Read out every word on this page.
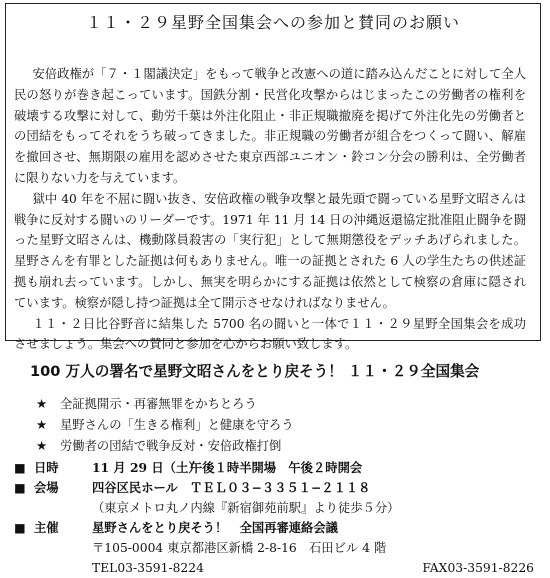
１１・２９星野全国集会への参加と賛同のお願い

安倍政権が「７・１閣議決定」をもって戦争と改憲への道に踏み込んだことに対して全人民の怒りが巻き起こっています。国鉄分割・民営化攻撃からはじまったこの労働者の権利を破壊する攻撃に対して、動労千葉は外注化阻止・非正規職撤廃を掲げて外注化先の労働者との団結をもってそれをうち破ってきました。非正規職の労働者が組合をつくって闘い、解雇を撤回させ、無期限の雇用を認めさせた東京西部ユニオン・鈴コン分会の勝利は、全労働者に限りない力を与えています。

獄中 40 年を不屈に闘い抜き、安倍政権の戦争攻撃と最先頭で闘っている星野文昭さんは戦争に反対する闘いのリーダーです。1971 年 11 月 14 日の沖縄返還協定批准阻止闘争を闘った星野文昭さんは、機動隊員殺害の「実行犯」として無期懲役をデッチあげられました。星野さんを有罪とした証拠は何もありません。唯一の証拠とされた 6 人の学生たちの供述証拠も崩れ去っています。しかし、無実を明らかにする証拠は依然として検察の倉庫に隠されています。検察が隠し持つ証拠は全て開示させなければなりません。

１１・２日比谷野音に結集した 5700 名の闘いと一体で１１・２９星野全国集会を成功させましょう。集会への賛同と参加を心からお願い致します。

100 万人の署名で星野文昭さんをとり戻そう！ １１・２９全国集会
★	全証拠開示・再審無罪をかちとろう
★	星野さんの「生きる権利」と健康を守ろう
★	労働者の団結で戦争反対・安倍政権打倒
■ 日時	11 月 29 日（土）
午後１時半開場　午後２時開会
■ 会場	四谷区民ホール ＴＥＬ０３−３３５１−２１１８
（東京メトロ丸ノ内線『新宿御苑前駅』より徒歩５分）
■ 主催	星野さんをとり戻そう！　全国再審連絡会議
〒105-0004 東京都港区新橋 2-8-16　石田ビル 4 階
TEL03-3591-8224	FAX03-3591-8226
